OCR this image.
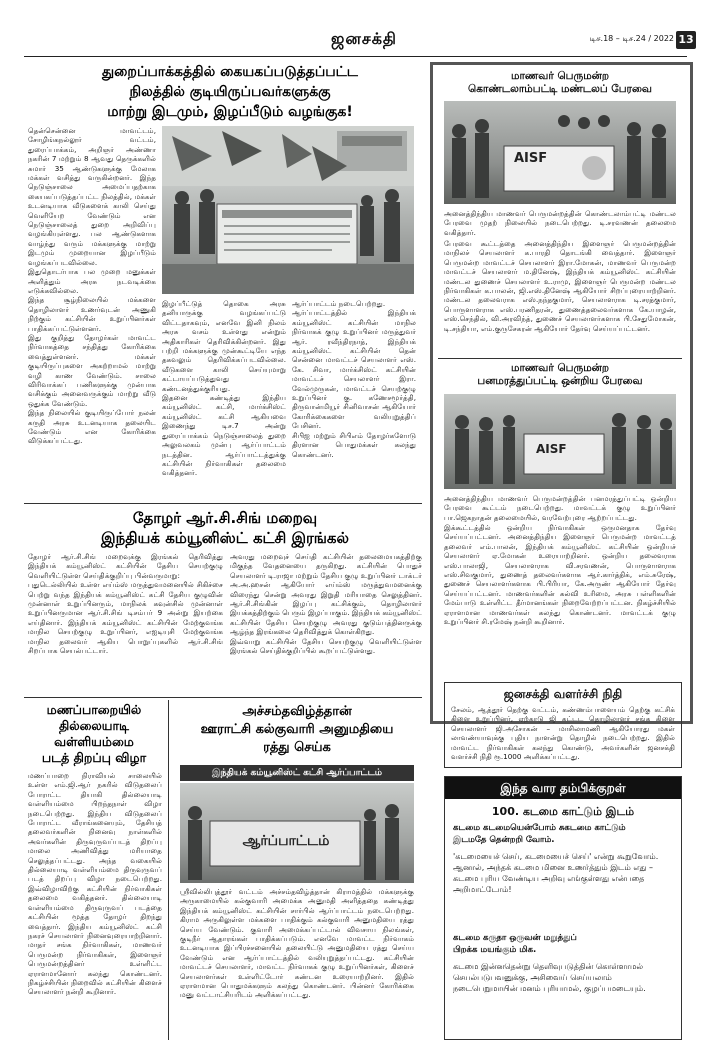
ஜனசக்தி	டிச.18 – டிச.24 / 2022 13
துறைப்பாக்கத்தில் கையகப்படுத்தப்பட்ட
நிலத்தில் குடியிருப்பவர்களுக்கு
மாற்று இடமும், இழப்பீடும் வழங்குக!
தென்சென்னை மாவட்டம், சோழிங்கநல்லூர் வட்டம், துரைப்பாக்கம், அறிஞர் அண்ணா நகரின் 7 மற்றும் 8 ஆவது தெருக்களில் சுமார் 35 ஆண்டுகளுக்கு மேலாக மக்கள் வசித்து வருகின்றனர். இந்த நெடுஞ்சாலை அமைப்பதற்காக கையகப்படுத்தப்பட்ட நிலத்தில், மக்கள் உடனடியாக வீடுகளைக் காலி செய்து வெளியேற வேண்டும் என நெடுஞ்சாலைத் துறை அறிவிப்பு வழங்கியுள்ளது. பல ஆண்டுகளாக வாழ்ந்து வரும் மக்களுக்கு மாற்று இடமும் முறையான இழப்பீடும் வழங்கப்படவில்லை.
இதுதொடர்பாக பல முறை மனுக்கள் அளித்தும் அரசு நடவடிக்கை எடுக்கவில்லை.
இந்த சூழ்நிலையில் மக்களை தொழிலாளர் உணர்வுடன் அணுகி நிற்கும் கட்சியின் உறுப்பினர்கள் பாதிக்கப்பட்டுள்ளனர்.
இது குறித்து தோழர்கள் மாவட்ட நிர்வாகத்தை சந்தித்து கோரிக்கை வைத்துள்ளனர். மக்கள் குடியிருப்புகளை அகற்றாமல் மாற்று வழி காண வேண்டும். சாலை விரிவாக்கப் பணிகளுக்கு முன்பாக வசிக்கும் அனைவருக்கும் மாற்று வீடு ஒதுக்க வேண்டும்.
இந்த நிலையில் குடியிருப்போர் நலன் கருதி அரசு உடனடியாக தலையிட வேண்டும் என கோரிக்கை விடுக்கப்பட்டது.
இழப்பீட்டுத் தொகை அரசு தனியாருக்கு வழங்கப்பட்டு விட்டதாகவும், எனவே இனி நிலம் அரசு வசம் உள்ளது என்றும் அதிகாரிகள் தெரிவிக்கின்றனர். இது பற்றி மக்களுக்கு முன்கூட்டியே எந்த தகவலும் தெரிவிக்கப்படவில்லை. வீடுகளை காலி செய்யுமாறு கட்டாயப்படுத்துவது கண்டனத்துக்குரியது.
இதனை கண்டித்து இந்திய கம்யூனிஸ்ட் கட்சி, மார்க்சிஸ்ட் கம்யூனிஸ்ட் கட்சி ஆகியவை இணைந்து டிச.7 அன்று துரைப்பாக்கம் நெடுஞ்சாலைத் துறை அலுவலகம் முன்பு ஆர்ப்பாட்டம் நடத்தின. ஆர்ப்பாட்டத்துக்கு கட்சியின் நிர்வாகிகள் தலைமை வகித்தனர்.
ஆர்ப்பாட்டம் நடைபெற்றது.
ஆர்ப்பாட்டத்தில் இந்தியக் கம்யூனிஸ்ட் கட்சியின் மாநில நிர்வாகக் குழு உறுப்பினர் மருத்துவர் ஆர். ரவீந்திரநாத், இந்தியக் கம்யூனிஸ்ட் கட்சியின் தென் சென்னை மாவட்டச் செயலாளர் எஸ். கே. சிவா, மார்க்சிஸ்ட் கட்சியின் மாவட்டச் செயலாளர் இரா. வேல்முருகன், மாவட்டச் செயற்குழு உறுப்பினர் கு. கணேசமூர்த்தி, திருவான்மியூர் சினிவாசன் ஆகியோர் கோரிக்கைகளை வலியுறுத்திப் பேசினர்.
சிபிஐ மற்றும் சிபிஎம் தோழர்களோடு திரளான பொதுமக்கள் கலந்து கொண்டனர்.
மாணவர் பெருமன்ற
கொண்டலாம்பட்டி மண்டலப் பேரவை
AISF
அனைத்திந்திய மாணவர் பெருமன்றத்தின் கொண்டலாம்பட்டி மண்டல பேரவை முதற் நிலையில் நடைபெற்றது. டி.சரவணன் தலைமை வகித்தார்.
பேரவை கூட்டத்தை அனைத்திந்திய இளைஞர் பெருமன்றத்தின் மாநிலச் செயலாளர் க.பாரதி தொடங்கி வைத்தார். இளைஞர் பெருமன்ற மாவட்டச் செயலாளர் இரா.மோகன், மாணவர் பெருமன்ற மாவட்டச் செயலாளர் ம.தினேஷ், இந்தியக் கம்யூனிஸ்ட் கட்சியின் மண்டல துணைச் செயலாளர் உ.ராமு, இளைஞர் பெருமன்ற மண்டல நிர்வாகிகள் க.பாலன், ஜி.எஸ்.தினேஷ் ஆகியோர் சிறப்புரையாற்றினர். மண்டல தலைவராக எஸ்.நந்தகுமார், செயலாளராக டி.சரத்குமார், பொருளாளராக எஸ்.பரணிதரன், துணைத்தலைவர்களாக கே.யாழன், எஸ்.செந்தில், வி.அரவிந்த், துணைச் செயலாளர்களாக பி.சேதுமோகன், டி.சந்தியா, எம்.குருசேகரன் ஆகியோர் தேர்வு செய்யப்பட்டனர்.
மாணவர் பெருமன்ற
பனமரத்துப்பட்டி ஒன்றிய பேரவை
AISF
அனைத்திந்திய மாணவர் பெருமன்றத்தின் பனமரத்துப்பட்டி ஒன்றிய பேரவை கூட்டம் நடைபெற்றது. மாவட்டக் குழு உறுப்பினர் பா.ஜெகநாதன் தலைமையில், வரவேற்புரை ஆற்றப்பட்டது.
இக்கூட்டத்தில் ஒன்றிய நிர்வாகிகள் ஒருமனதாக தேர்வு செய்யப்பட்டனர். அனைத்திந்திய இளைஞர் பெருமன்ற மாவட்டத் தலைவர் எம்.பாலன், இந்தியக் கம்யூனிஸ்ட் கட்சியின் ஒன்றியச் செயலாளர் ஏ.மோகன் உரையாற்றினர். ஒன்றிய தலைவராக எஸ்.பாலாஜி, செயலாளராக வி.சரவணன், பொருளாளராக எஸ்.சிவகுமார், துணைத் தலைவர்களாக ஆர்.கார்த்திக், எம்.சுரேஷ், துணைச் செயலாளர்களாக பி.பிரியா, கே.அருண் ஆகியோர் தேர்வு செய்யப்பட்டனர். மாணவர்களின் கல்வி உரிமை, அரசு பள்ளிகளின் மேம்பாடு உள்ளிட்ட தீர்மானங்கள் நிறைவேற்றப்பட்டன. நிகழ்ச்சியில் ஏராளமான மாணவர்கள் கலந்து கொண்டனர். மாவட்டக் குழு உறுப்பினர் சி.ரமேஷ் நன்றி கூறினார்.
ஜனசக்தி வளர்ச்சி நிதி
சேலம், ஆத்தூர் தெற்கு வட்டம், கண்ணம்பாளையம் தெற்கு கட்சிக் கிளை உறுப்பினர், ஏற்காடு ஜி கட்டட தொழிலாளர் சங்க கிளை செயலாளர் ஜி.அசோகன் – மாசிலாமணி ஆகியோரது மகள் லாவண்யாவுக்கு புதிய நாளன்று தொழில் நடைபெற்றது. இதில் மாவட்ட நிர்வாகிகள் கலந்து கொண்டு, அவர்களின் ஜனசக்தி வளர்ச்சி நிதி ரூ.1000 அளிக்கப்பட்டது.
தோழர் ஆர்.சி.சிங் மறைவு
இந்தியக் கம்யூனிஸ்ட் கட்சி இரங்கல்
தோழர் ஆர்.சி.சிங் மறைவுக்கு இரங்கல் தெரிவித்து இந்தியக் கம்யூனிஸ்ட் கட்சியின் தேசிய செயற்குழு வெளியிட்டுள்ள செய்திக்குறிப்பு பின்வருமாறு:
புதுடெல்லியில் உள்ள எய்ம்ஸ் மருத்துவமனையில் சிகிச்சை பெற்று வந்த இந்தியக் கம்யூனிஸ்ட் கட்சி தேசிய குழுவின் முன்னாள் உறுப்பினரும், மாநிலக் கவுன்சில் முன்னாள் உறுப்பினருமான ஆர்.சி.சிங் டிசம்பர் 9 அன்று இயற்கை எய்தினார். இந்தியக் கம்யூனிஸ்ட் கட்சியின் மேற்குவங்க மாநில செயற்குழு உறுப்பினர், எஐடியுசி மேற்குவங்க மாநில தலைவர் ஆகிய பொறுப்புகளில் ஆர்.சி.சிங் சிறப்பாக செயல்பட்டார்.
அவரது மறைவுச் செய்தி கட்சியின் தலைமையகத்திற்கு மிகுந்த வேதனையை தருகிறது. கட்சியின் பொதுச் செயலாளர் டி.ராஜா மற்றும் தேசிய குழு உறுப்பினர் டாக்டர் அ.அ.ஹசன் ஆகியோர் எய்ம்ஸ் மருத்துவமனைக்கு விரைந்து சென்று அவரது இறுதி மரியாதை செலுத்தினர். ஆர்.சி.சிங்கின் இழப்பு கட்சிக்கும், தொழிலாளர் இயக்கத்திற்கும் பெரும் இழப்பாகும். இந்தியக் கம்யூனிஸ்ட் கட்சியின் தேசிய செயற்குழு அவரது குடும்பத்தினருக்கு ஆழ்ந்த இரங்கலை தெரிவித்துக் கொள்கிறது.
இவ்வாறு கட்சியின் தேசிய செயற்குழு வெளியிட்டுள்ள இரங்கல் செய்திக்குறிப்பில் கூறப்பட்டுள்ளது.
மணப்பாறையில்
தில்லையாடி
வள்ளியம்மை
படத் திறப்பு விழா
மணப்பாறை நிராவியல் சாலையில் உள்ள எம்.ஜி.ஆர் நகரில் விடுதலைப் போராட்ட தியாகி தில்லையாடி வள்ளியம்மை பிறந்தநாள் விழா நடைபெற்றது. இந்திய விடுதலைப் போராட்ட வீராங்கனையும், தேசியத் தலைவர்களின் நினைவு நாள்களில் அவர்களின் திருவுருவப்படத் திறப்பு மாலை அணிவித்து மரியாதை செலுத்தப்பட்டது. அந்த வகையில் தில்லையாடி வள்ளியம்மை திருவுருவப் படத் திறப்பு விழா நடைபெற்றது. இவ்விழாவிற்கு கட்சியின் நிர்வாகிகள் தலைமை வகித்தனர். தில்லையாடி வள்ளியம்மை திருவுருவப் படத்தை கட்சியின் மூத்த தோழர் திறந்து வைத்தார். இந்திய கம்யூனிஸ்ட் கட்சி நகரச் செயலாளர் நினைவுரையாற்றினார். மாதர் சங்க நிர்வாகிகள், மாணவர் பெருமன்ற நிர்வாகிகள், இளைஞர் பெருமன்றத்தினர் உள்ளிட்ட ஏராளமானோர் கலந்து கொண்டனர். நிகழ்ச்சியின் நிறைவில் கட்சியின் கிளைச் செயலாளர் நன்றி கூறினார்.
அச்சம்தவிழ்த்தான்
ஊராட்சி கல்குவாரி அனுமதியை
ரத்து செய்க
இந்தியக் கம்யூனிஸ்ட் கட்சி ஆர்ப்பாட்டம்
ஆர்ப்பாட்டம்
ஸ்ரீவில்லிபுத்தூர் வட்டம் அச்சம்தவிழ்த்தான் கிராமத்தில் மக்களுக்கு அருகாமையில் கல்குவாரி அமைக்க அனுமதி அளித்ததை கண்டித்து இந்தியக் கம்யூனிஸ்ட் கட்சியின் சார்பில் ஆர்ப்பாட்டம் நடைபெற்றது. கிராம அருகிலுள்ள மக்களை பாதிக்கும் கல்குவாரி அனுமதியை ரத்து செய்ய வேண்டும். குவாரி அமைக்கப்பட்டால் விவசாய நிலங்கள், குடிநீர் ஆதாரங்கள் பாதிக்கப்படும். எனவே மாவட்ட நிர்வாகம் உடனடியாக இப்பிரச்சனையில் தலையிட்டு அனுமதியை ரத்து செய்ய வேண்டும் என ஆர்ப்பாட்டத்தில் வலியுறுத்தப்பட்டது. கட்சியின் மாவட்டச் செயலாளர், மாவட்ட நிர்வாகக் குழு உறுப்பினர்கள், கிளைச் செயலாளர்கள் உள்ளிட்டோர் கண்டன உரையாற்றினர். இதில் ஏராளமான பொதுமக்களும் கலந்து கொண்டனர். பின்னர் கோரிக்கை மனு வட்டாட்சியரிடம் அளிக்கப்பட்டது.
இந்த வார தம்பிக்குறள்
100. கடமை காட்டும் இடம்
கடமை கடமையென்போம் சுகடமை காட்டும்
இடமதே தென்றறி வோம்.
'கடமையைச் செய், கடமையைச் செய்' என்று கூறுவோம். ஆனால், அந்தக் கடமை மினை உணர்த்தும் இடம் எது – கடமை புரிய வேண்டிய அறிவு எங்குள்ளது என்பதை அறிமாட்டோம்!
கடமை கருதா ஒருவன் மறுத்துப்
பிறக்க மயங்கும் மிக.
கடமை இன்னதென்று தெளிவுபடுத்தின் கொள்ளாமல் செயல்படுபவனுக்கு, அசிவைய் செய்யலாம் நடைபெறுமாயின் மனம் புரியாமல், குழப்பமடையும்.
